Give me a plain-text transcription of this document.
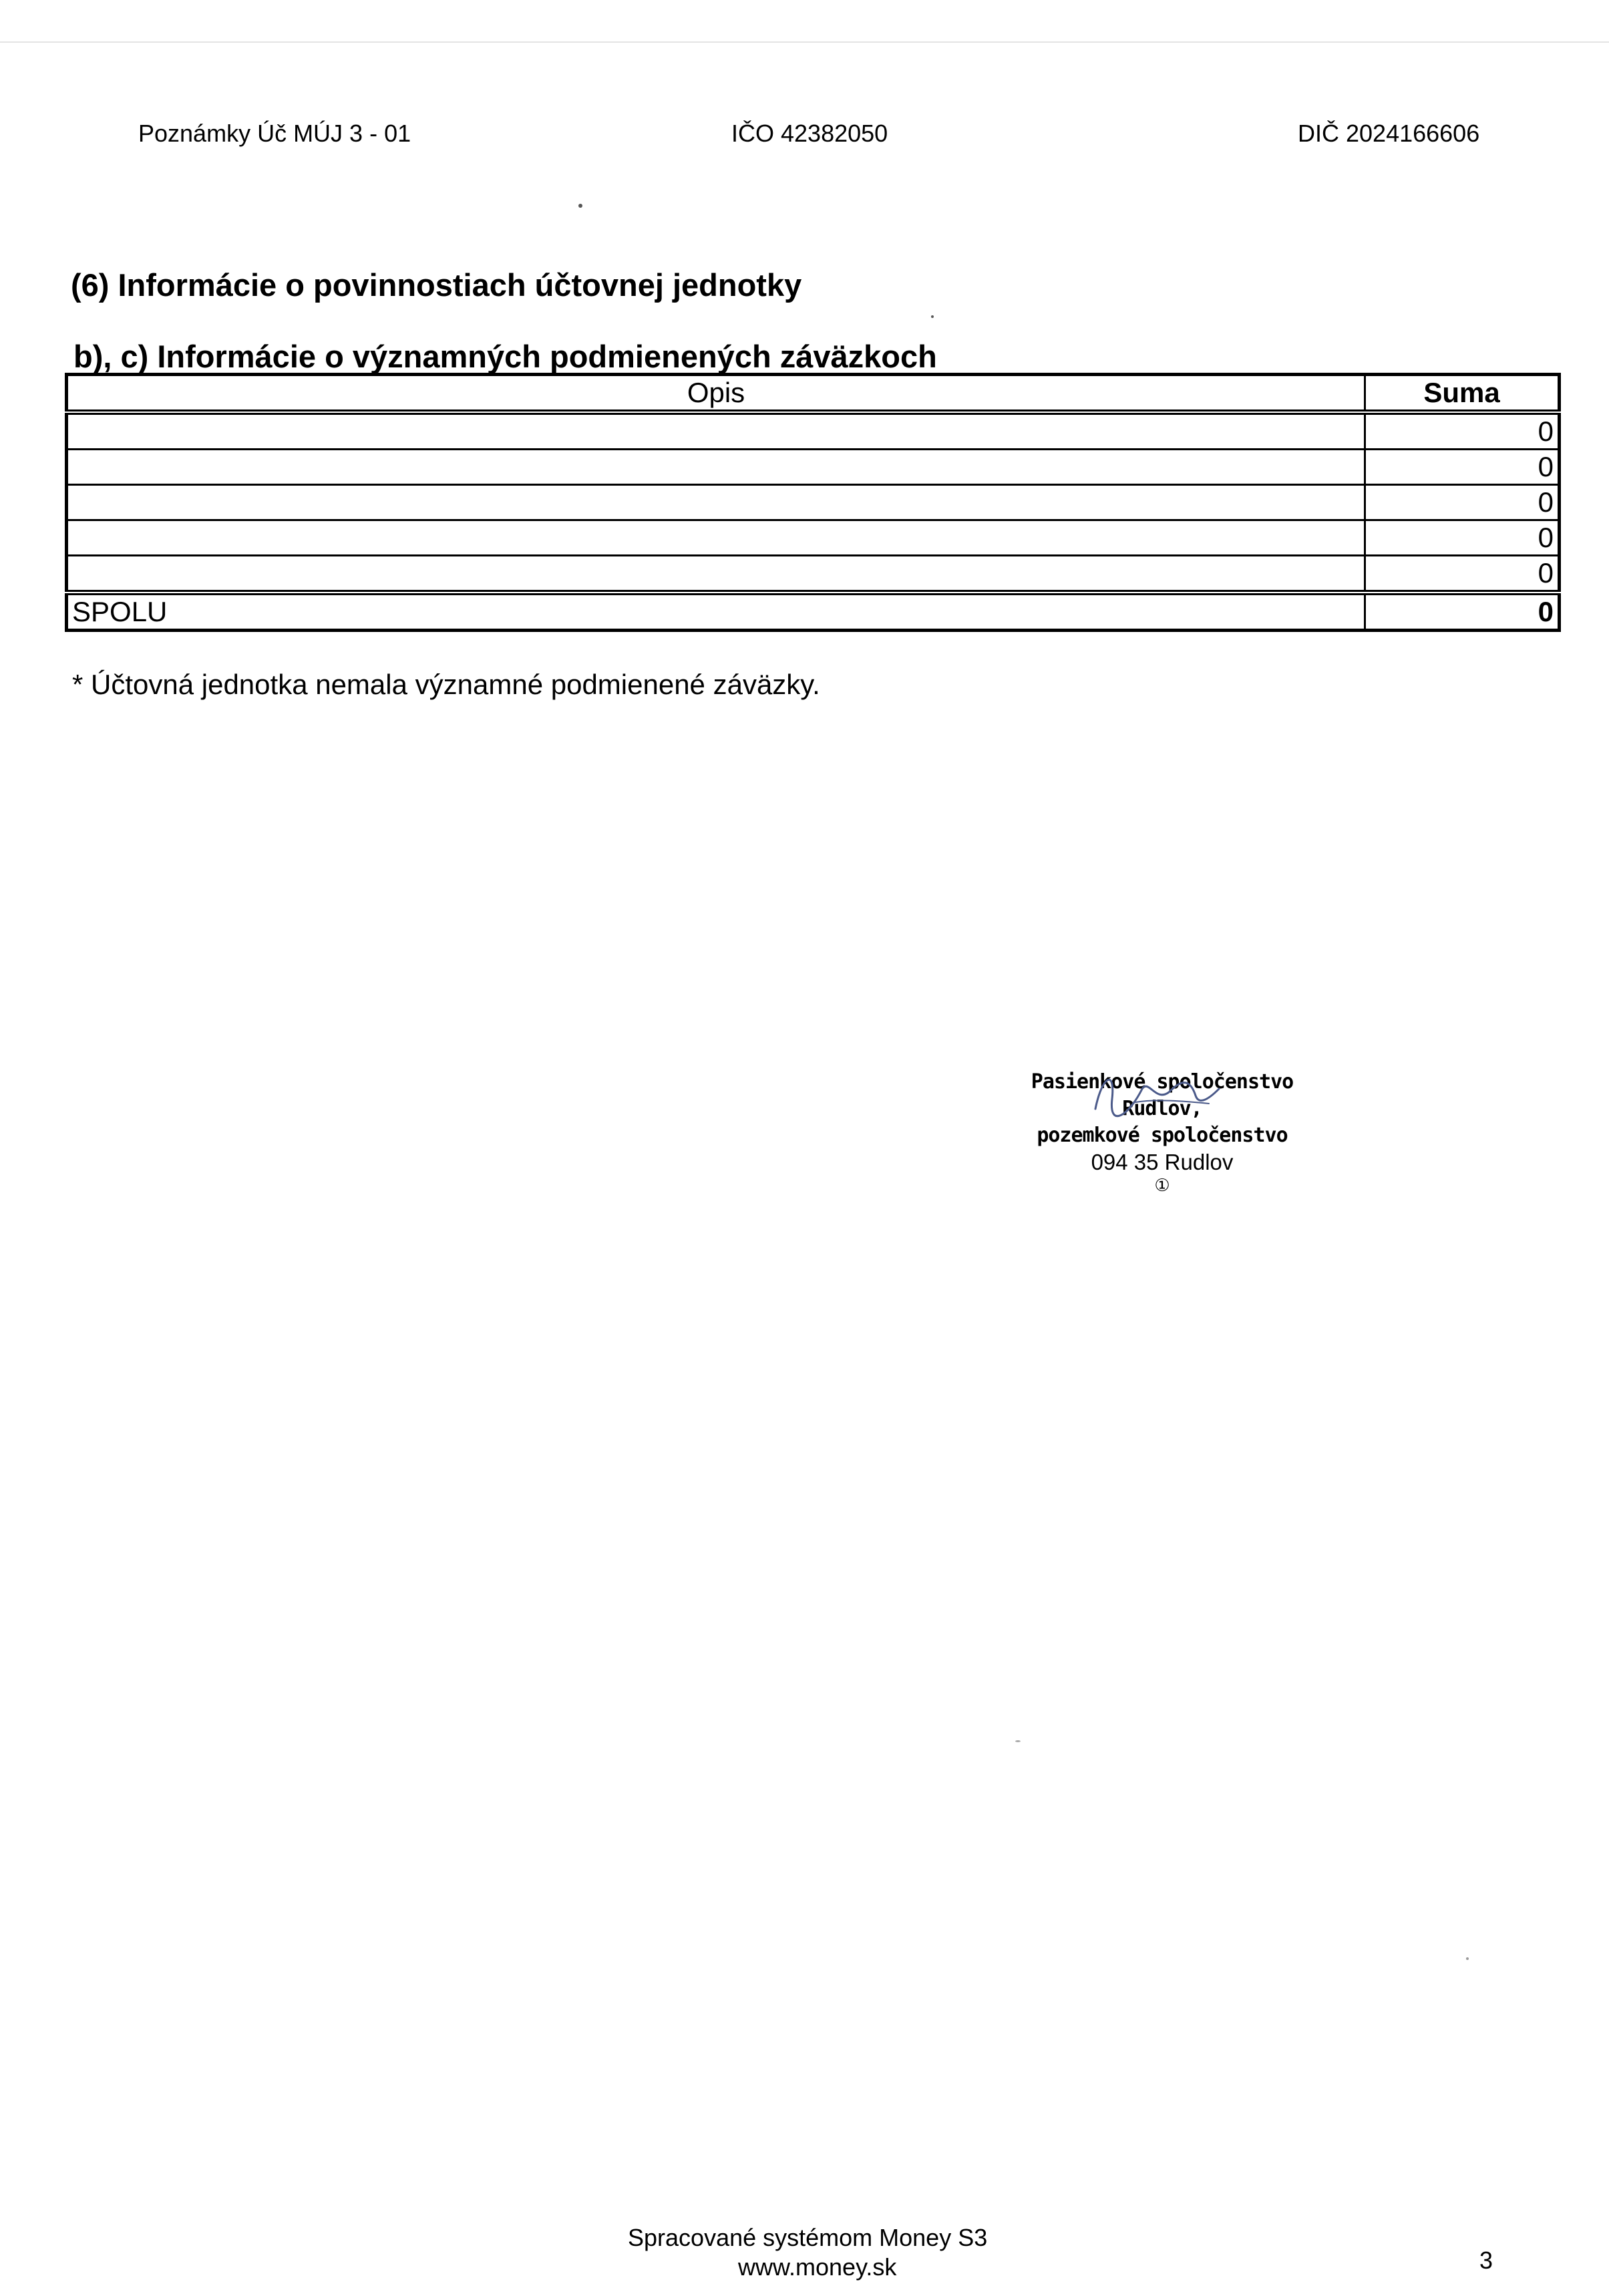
Poznámky Úč MÚJ 3 - 01	IČO 42382050	DIČ 2024166606
(6) Informácie o povinnostiach účtovnej jednotky
b), c) Informácie o významných podmienených záväzkoch
Opis	Suma
	0
	0
	0
	0
	0
SPOLU	0
* Účtovná jednotka nemala významné podmienené záväzky.
Pasienkové spoločenstvo Rudlov,
pozemkové spoločenstvo
094 35 Rudlov
①
Spracované systémom Money S3
www.money.sk	3
